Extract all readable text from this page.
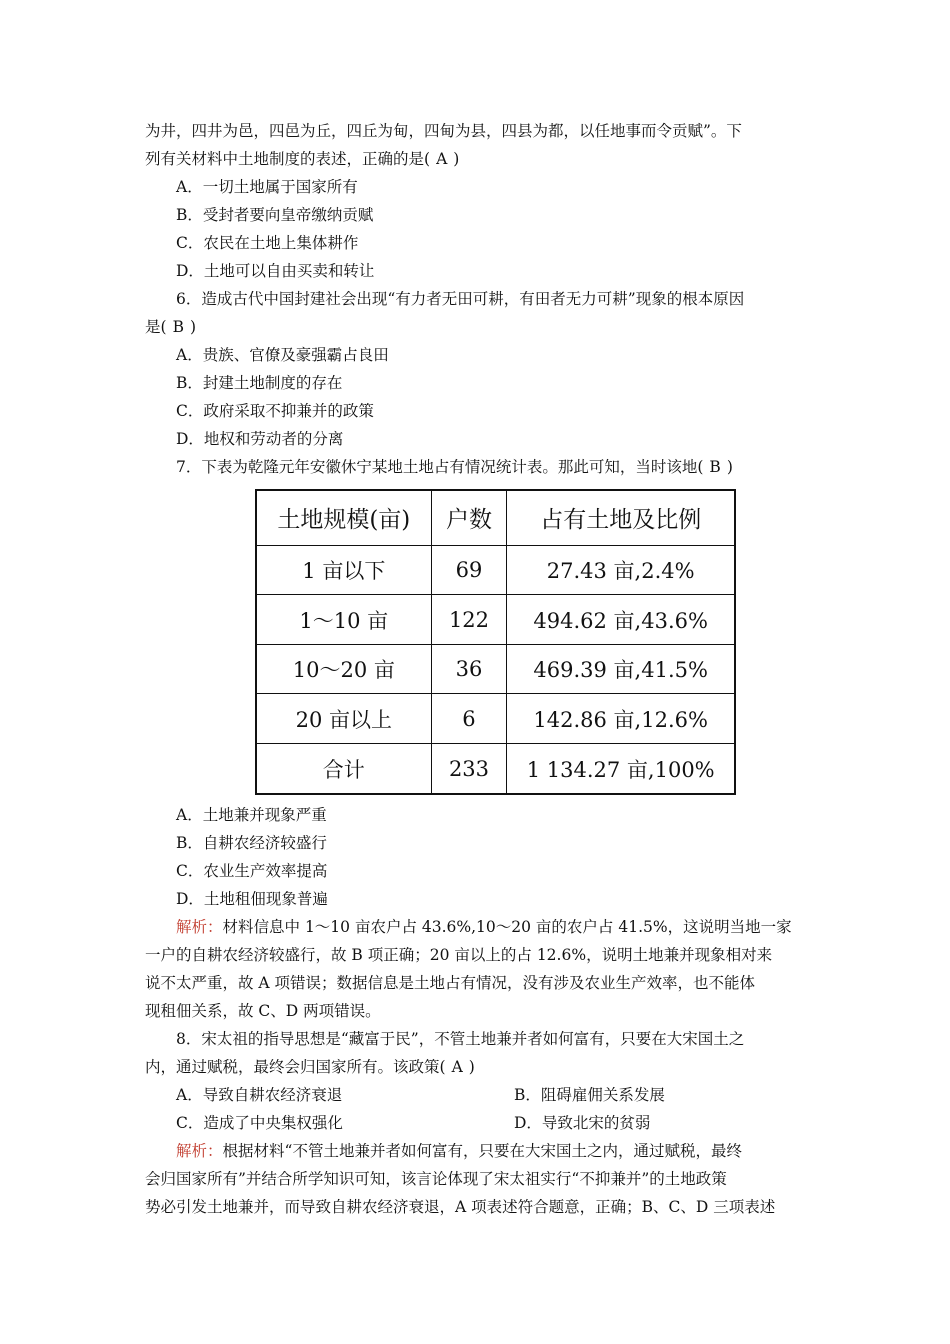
为井，四井为邑，四邑为丘，四丘为甸，四甸为县，四县为都，以任地事而令贡赋”。下
列有关材料中土地制度的表述，正确的是( A )
A．一切土地属于国家所有
B．受封者要向皇帝缴纳贡赋
C．农民在土地上集体耕作
D．土地可以自由买卖和转让
6．造成古代中国封建社会出现“有力者无田可耕，有田者无力可耕”现象的根本原因
是( B )
A．贵族、官僚及豪强霸占良田
B．封建土地制度的存在
C．政府采取不抑兼并的政策
D．地权和劳动者的分离
7．下表为乾隆元年安徽休宁某地土地占有情况统计表。那此可知，当时该地( B )
A．土地兼并现象严重
B．自耕农经济较盛行
C．农业生产效率提高
D．土地租佃现象普遍
解析：材料信息中 1～10 亩农户占 43.6%,10～20 亩的农户占 41.5%，这说明当地一家
一户的自耕农经济较盛行，故 B 项正确；20 亩以上的占 12.6%，说明土地兼并现象相对来
说不太严重，故 A 项错误；数据信息是土地占有情况，没有涉及农业生产效率，也不能体
现租佃关系，故 C、D 两项错误。
8．宋太祖的指导思想是“藏富于民”，不管土地兼并者如何富有，只要在大宋国土之
内，通过赋税，最终会归国家所有。该政策( A )
A．导致自耕农经济衰退	B．阻碍雇佣关系发展
C．造成了中央集权强化	D．导致北宋的贫弱
解析：根据材料“不管土地兼并者如何富有，只要在大宋国土之内，通过赋税，最终
会归国家所有”并结合所学知识可知，该言论体现了宋太祖实行“不抑兼并”的土地政策
势必引发土地兼并，而导致自耕农经济衰退，A 项表述符合题意，正确；B、C、D 三项表述
土地规模(亩)	户数	占有土地及比例
1 亩以下	69	27.43 亩,2.4%
1～10 亩	122	494.62 亩,43.6%
10～20 亩	36	469.39 亩,41.5%
20 亩以上	6	142.86 亩,12.6%
合计	233	1 134.27 亩,100%
